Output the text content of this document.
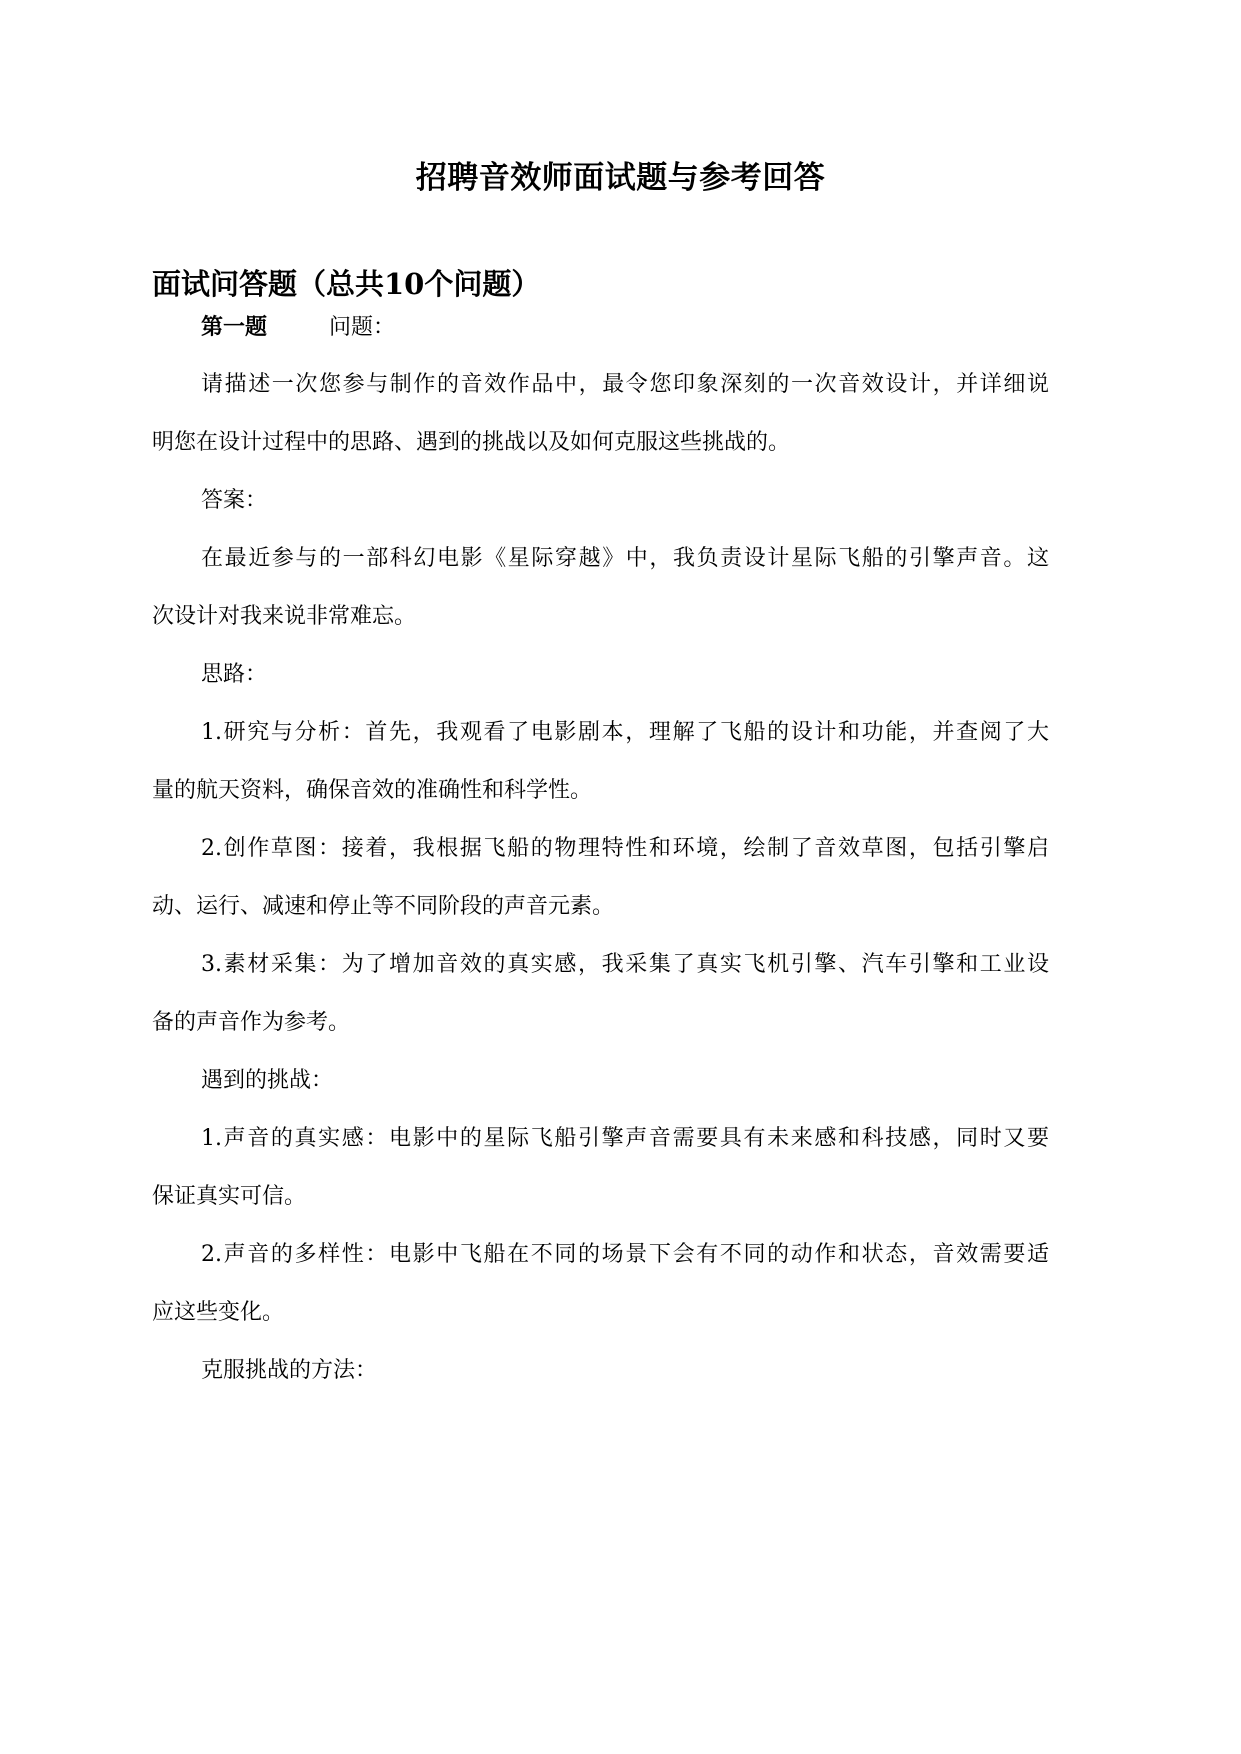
招聘音效师面试题与参考回答
面试问答题（总共10个问题）
第一题	问题：
请描述一次您参与制作的音效作品中，最令您印象深刻的一次音效设计，并详细说
明您在设计过程中的思路、遇到的挑战以及如何克服这些挑战的。
答案：
在最近参与的一部科幻电影《星际穿越》中，我负责设计星际飞船的引擎声音。这
次设计对我来说非常难忘。
思路：
1.研究与分析：首先，我观看了电影剧本，理解了飞船的设计和功能，并查阅了大
量的航天资料，确保音效的准确性和科学性。
2.创作草图：接着，我根据飞船的物理特性和环境，绘制了音效草图，包括引擎启
动、运行、减速和停止等不同阶段的声音元素。
3.素材采集：为了增加音效的真实感，我采集了真实飞机引擎、汽车引擎和工业设
备的声音作为参考。
遇到的挑战：
1.声音的真实感：电影中的星际飞船引擎声音需要具有未来感和科技感，同时又要
保证真实可信。
2.声音的多样性：电影中飞船在不同的场景下会有不同的动作和状态，音效需要适
应这些变化。
克服挑战的方法：
